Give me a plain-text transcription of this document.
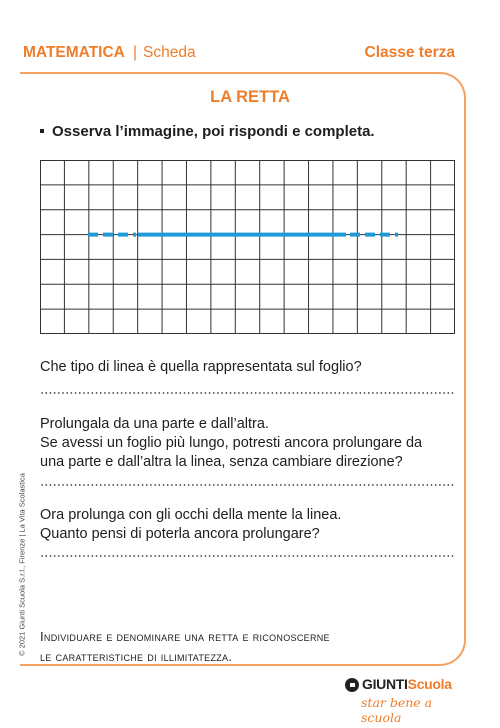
MATEMATICA | Scheda	Classe terza
LA RETTA
Osserva l’immagine, poi rispondi e completa.
Che tipo di linea è quella rappresentata sul foglio?
Prolungala da una parte e dall’altra.
Se avessi un foglio più lungo, potresti ancora prolungare da
una parte e dall’altra la linea, senza cambiare direzione?
Ora prolunga con gli occhi della mente la linea.
Quanto pensi di poterla ancora prolungare?
Individuare e denominare una retta e riconoscerne
le caratteristiche di illimitatezza.
© 2021 Giunti Scuola S.r.l., Firenze | La Vita Scolastica
GIUNTIScuola
star bene a scuola
